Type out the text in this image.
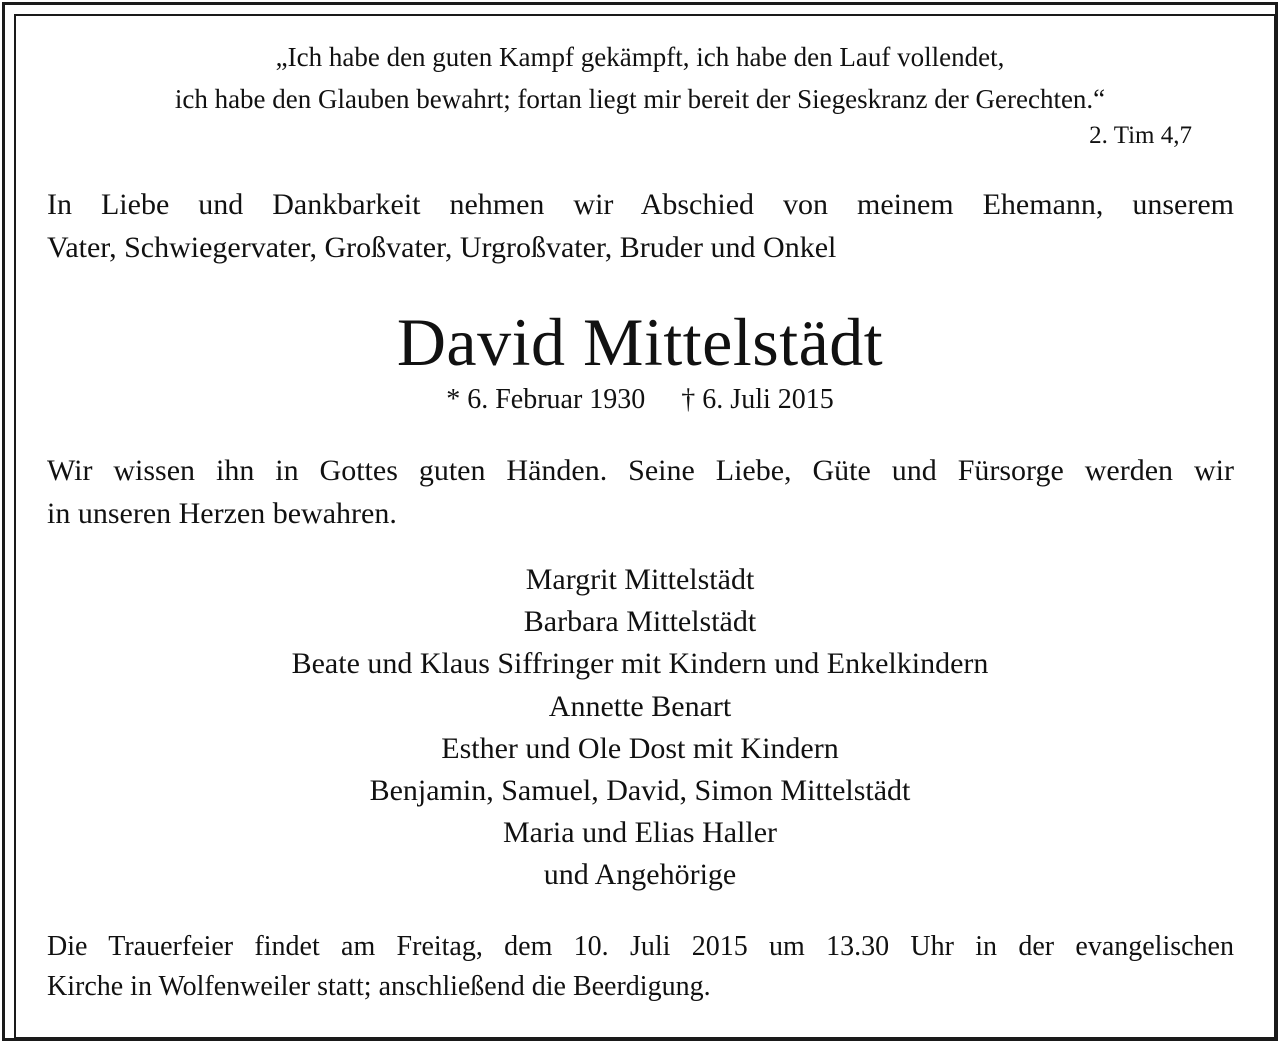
„Ich habe den guten Kampf gekämpft, ich habe den Lauf vollendet,
ich habe den Glauben bewahrt; fortan liegt mir bereit der Siegeskranz der Gerechten.“
2. Tim 4,7
In Liebe und Dankbarkeit nehmen wir Abschied von meinem Ehemann, unserem
Vater, Schwiegervater, Großvater, Urgroßvater, Bruder und Onkel
David Mittelstädt
* 6. Februar 1930 † 6. Juli 2015
Wir wissen ihn in Gottes guten Händen. Seine Liebe, Güte und Fürsorge werden wir
in unseren Herzen bewahren.
Margrit Mittelstädt
Barbara Mittelstädt
Beate und Klaus Siffringer mit Kindern und Enkelkindern
Annette Benart
Esther und Ole Dost mit Kindern
Benjamin, Samuel, David, Simon Mittelstädt
Maria und Elias Haller
und Angehörige
Die Trauerfeier findet am Freitag, dem 10. Juli 2015 um 13.30 Uhr in der evangelischen
Kirche in Wolfenweiler statt; anschließend die Beerdigung.
